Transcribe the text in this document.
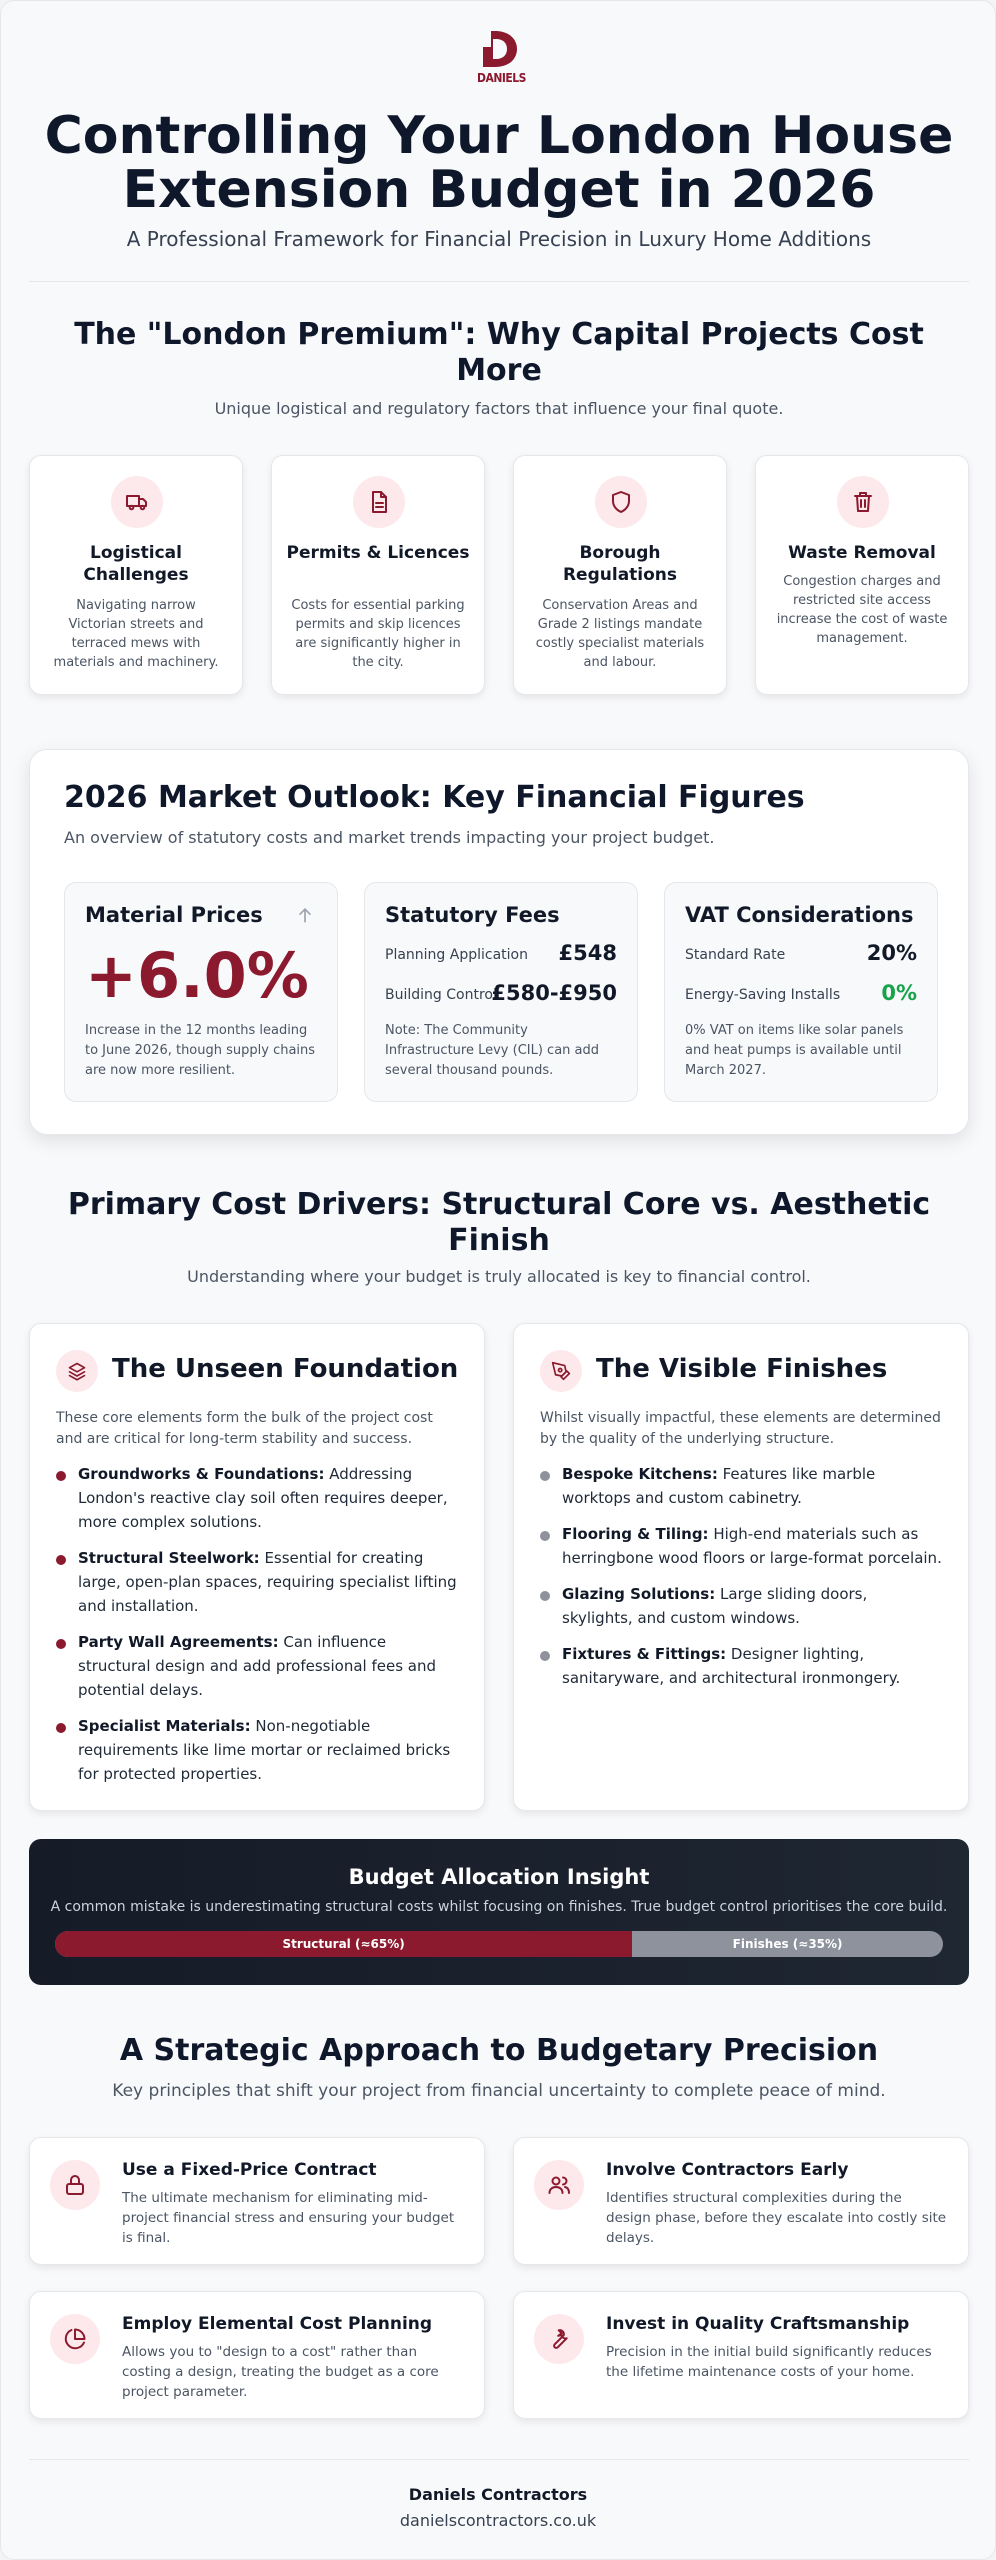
DANIELS
Controlling Your London House Extension Budget in 2026
A Professional Framework for Financial Precision in Luxury Home Additions
The "London Premium": Why Capital Projects Cost More
Unique logistical and regulatory factors that influence your final quote.
Logistical Challenges
Navigating narrow Victorian streets and terraced mews with materials and machinery.
Permits & Licences
Costs for essential parking permits and skip licences are significantly higher in the city.
Borough Regulations
Conservation Areas and Grade 2 listings mandate costly specialist materials and labour.
Waste Removal
Congestion charges and restricted site access increase the cost of waste management.
2026 Market Outlook: Key Financial Figures
An overview of statutory costs and market trends impacting your project budget.
Material Prices
+6.0%
Increase in the 12 months leading to June 2026, though supply chains are now more resilient.
Statutory Fees
Planning Application £548
Building Control
£580-£950
Note: The Community Infrastructure Levy (CIL) can add several thousand pounds.
VAT Considerations
Standard Rate	20%
Energy-Saving Installs 0%
0% VAT on items like solar panels and heat pumps is available until March 2027.
Primary Cost Drivers: Structural Core vs. Aesthetic Finish
Understanding where your budget is truly allocated is key to financial control.
The Unseen Foundation
These core elements form the bulk of the project cost and are critical for long-term stability and success.
Groundworks & Foundations: Addressing London's reactive clay soil often requires deeper, more complex solutions.
Structural Steelwork: Essential for creating large, open-plan spaces, requiring specialist lifting and installation.
Party Wall Agreements: Can influence structural design and add professional fees and potential delays.
Specialist Materials: Non-negotiable requirements like lime mortar or reclaimed bricks for protected properties.
The Visible Finishes
Whilst visually impactful, these elements are determined by the quality of the underlying structure.
Bespoke Kitchens: Features like marble worktops and custom cabinetry.
Flooring & Tiling: High-end materials such as herringbone wood floors or large-format porcelain.
Glazing Solutions: Large sliding doors, skylights, and custom windows.
Fixtures & Fittings: Designer lighting, sanitaryware, and architectural ironmongery.
Budget Allocation Insight
A common mistake is underestimating structural costs whilst focusing on finishes. True budget control prioritises the core build.
Structural (≈65%)	Finishes (≈35%)
A Strategic Approach to Budgetary Precision
Key principles that shift your project from financial uncertainty to complete peace of mind.
Use a Fixed-Price Contract
The ultimate mechanism for eliminating mid-project financial stress and ensuring your budget is final.
Involve Contractors Early
Identifies structural complexities during the design phase, before they escalate into costly site delays.
Employ Elemental Cost Planning
Allows you to "design to a cost" rather than costing a design, treating the budget as a core project parameter.
Invest in Quality Craftsmanship
Precision in the initial build significantly reduces the lifetime maintenance costs of your home.
Daniels Contractors
danielscontractors.co.uk
